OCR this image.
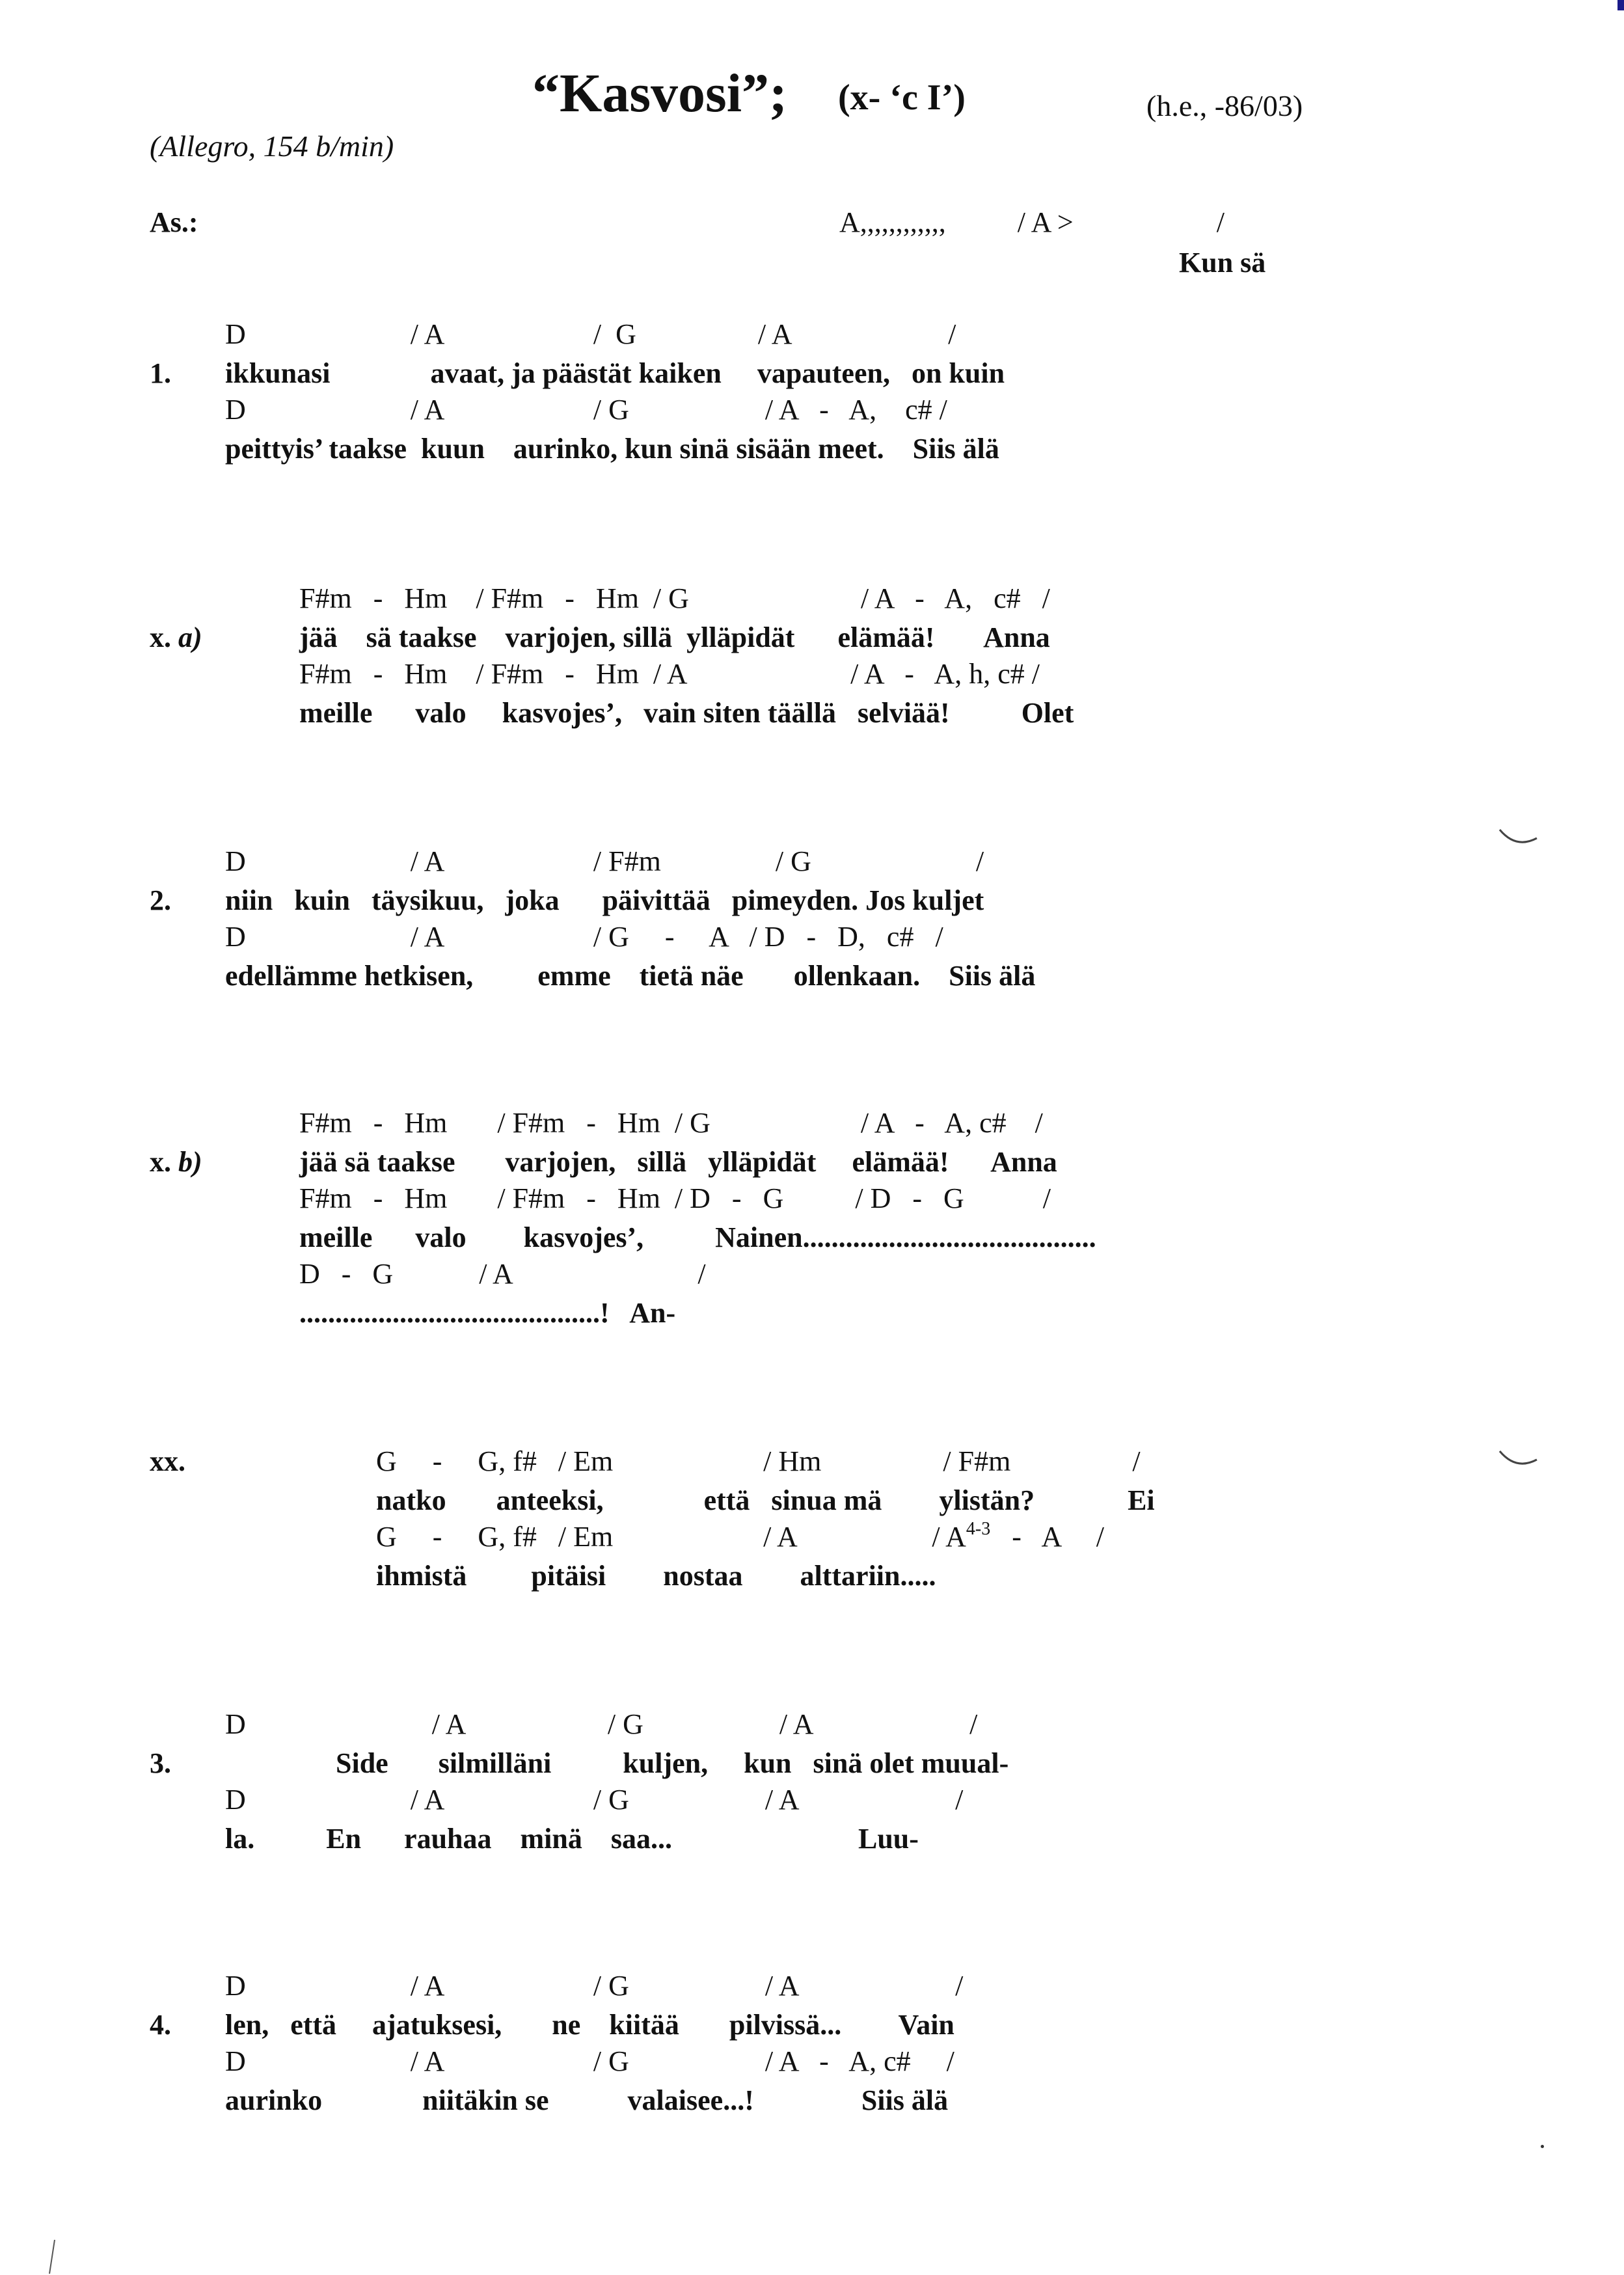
“Kasvosi”; (x- ‘c I’)	(h.e., -86/03)
(Allegro, 154 b/min)
As.:	A,,,,,,,,,,,,          / A >                    /
Kun sä
D                       / A                     /  G                 / A                      /
1. ikkunasi              avaat, ja päästät kaiken     vapauteen,   on kuin
D                       / A                     / G                   / A   -   A,    c# /
peittyis’ taakse  kuun    aurinko, kun sinä sisään meet.    Siis älä
F#m   -   Hm    / F#m   -   Hm  / G                        / A   -   A,   c#   /
x. a)	jää    sä taakse    varjojen, sillä  ylläpidät      elämää!       Anna
F#m   -   Hm    / F#m   -   Hm  / A                       / A   -   A, h, c# /
meille      valo     kasvojes’,   vain siten täällä   selviää!          Olet
D                       / A                     / F#m                / G                       /
2. niin   kuin   täysikuu,   joka      päivittää   pimeyden. Jos kuljet
D                       / A                     / G     -     A   / D   -   D,   c#   /
edellämme hetkisen,         emme    tietä näe       ollenkaan.    Siis älä
F#m   -   Hm       / F#m   -   Hm  / G                     / A   -   A, c#    /
x. b)	jää sä taakse       varjojen,   sillä   ylläpidät     elämää!      Anna
F#m   -   Hm       / F#m   -   Hm  / D   -   G          / D   -   G           /
meille      valo        kasvojes’,          Nainen.........................................
D   -   G            / A                          /
..........................................!   An-
xx.	G     -     G, f#   / Em                     / Hm                 / F#m                 /
natko       anteeksi,              että   sinua mä        ylistän?             Ei
G     -     G, f#   / Em                     / A                   / $A^{4-3}$   -   A     /
ihmistä         pitäisi        nostaa        alttariin.....
D                          / A                    / G                   / A                      /
3.	Side       silmilläni          kuljen,     kun   sinä olet muual-
D                       / A                     / G                   / A                      /
la.          En      rauhaa    minä    saa...                          Luu-
D                       / A                     / G                   / A                      /
4. len,   että     ajatuksesi,       ne    kiitää       pilvissä...        Vain
D                       / A                     / G                   / A   -   A, c#     /
aurinko              niitäkin se           valaisee...!               Siis älä
